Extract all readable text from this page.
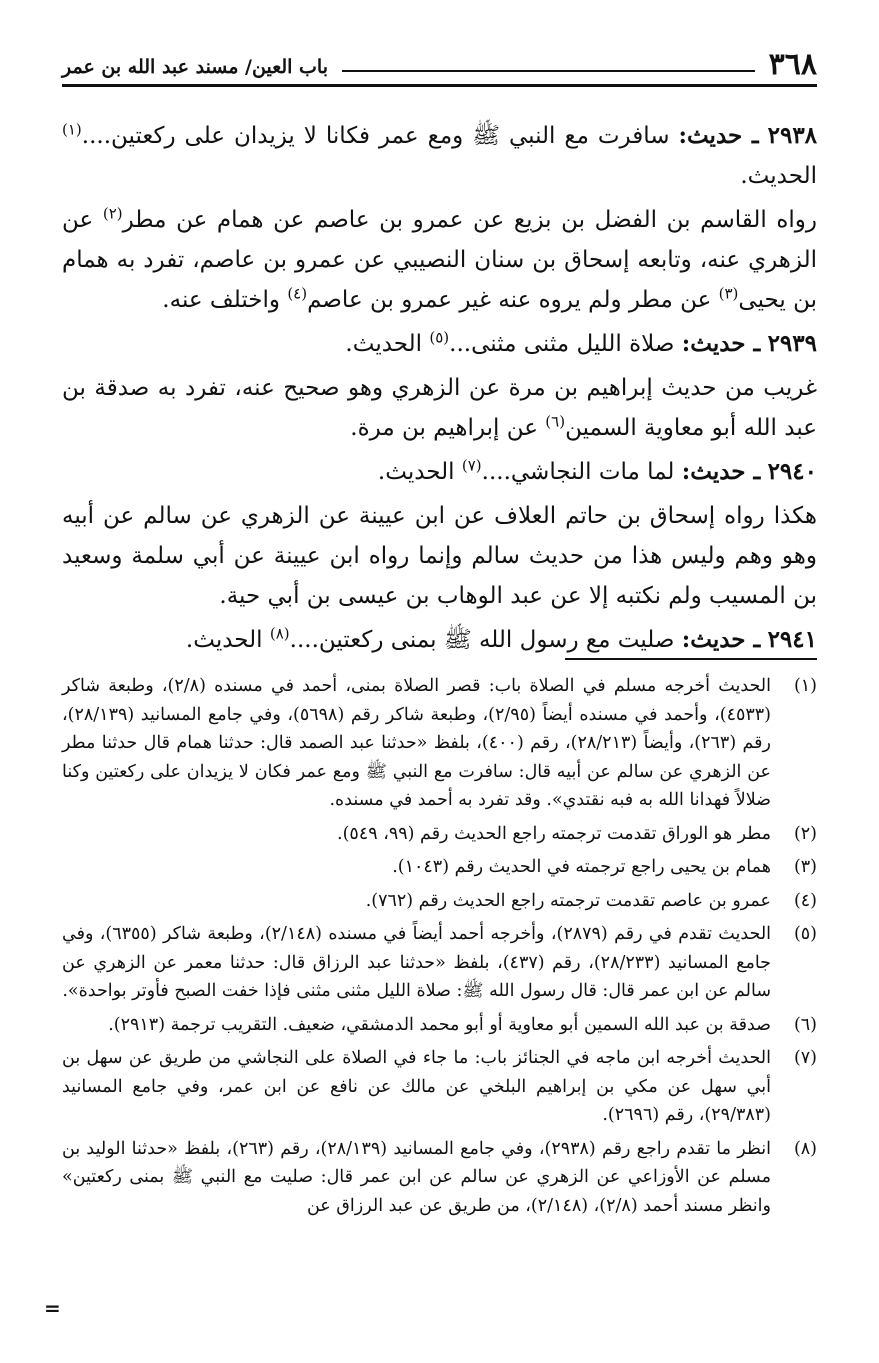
٣٦٨
باب العين/ مسند عبد الله بن عمر

٢٩٣٨ ـ حديث: سافرت مع النبي ﷺ ومع عمر فكانا لا يزيدان على ركعتين....$^{(١)}$ الحديث.

رواه القاسم بن الفضل بن بزيع عن عمرو بن عاصم عن همام عن مطر$^{(٢)}$ عن الزهري عنه، وتابعه إسحاق بن سنان النصيبي عن عمرو بن عاصم، تفرد به همام بن يحيى$^{(٣)}$ عن مطر ولم يروه عنه غير عمرو بن عاصم$^{(٤)}$ واختلف عنه.

٢٩٣٩ ـ حديث: صلاة الليل مثنى مثنى...$^{(٥)}$ الحديث.

غريب من حديث إبراهيم بن مرة عن الزهري وهو صحيح عنه، تفرد به صدقة بن عبد الله أبو معاوية السمين$^{(٦)}$ عن إبراهيم بن مرة.

٢٩٤٠ ـ حديث: لما مات النجاشي....$^{(٧)}$ الحديث.

هكذا رواه إسحاق بن حاتم العلاف عن ابن عيينة عن الزهري عن سالم عن أبيه وهو وهم وليس هذا من حديث سالم وإنما رواه ابن عيينة عن أبي سلمة وسعيد بن المسيب ولم نكتبه إلا عن عبد الوهاب بن عيسى بن أبي حية.

٢٩٤١ ـ حديث: صليت مع رسول الله ﷺ بمنى ركعتين....$^{(٨)}$ الحديث.

(١)
الحديث أخرجه مسلم في الصلاة باب: قصر الصلاة بمنى، أحمد في مسنده (٢/٨)، وطبعة شاكر (٤٥٣٣)، وأحمد في مسنده أيضاً (٢/٩٥)، وطبعة شاكر رقم (٥٦٩٨)، وفي جامع المسانيد (٢٨/١٣٩)، رقم (٢٦٣)، وأيضاً (٢٨/٢١٣)، رقم (٤٠٠)، بلفظ «حدثنا عبد الصمد قال: حدثنا همام قال حدثنا مطر عن الزهري عن سالم عن أبيه قال: سافرت مع النبي ﷺ ومع عمر فكان لا يزيدان على ركعتين وكنا ضلالاً فهدانا الله به فبه نقتدي». وقد تفرد به أحمد في مسنده.
(٢)
مطر هو الوراق تقدمت ترجمته راجع الحديث رقم (٩٩، ٥٤٩).
(٣)
همام بن يحيى راجع ترجمته في الحديث رقم (١٠٤٣).
(٤)
عمرو بن عاصم تقدمت ترجمته راجع الحديث رقم (٧٦٢).
(٥)
الحديث تقدم في رقم (٢٨٧٩)، وأخرجه أحمد أيضاً في مسنده (٢/١٤٨)، وطبعة شاكر (٦٣٥٥)، وفي جامع المسانيد (٢٨/٢٣٣)، رقم (٤٣٧)، بلفظ «حدثنا عبد الرزاق قال: حدثنا معمر عن الزهري عن سالم عن ابن عمر قال: قال رسول الله ﷺ: صلاة الليل مثنى مثنى فإذا خفت الصبح فأوتر بواحدة».
(٦)
صدقة بن عبد الله السمين أبو معاوية أو أبو محمد الدمشقي، ضعيف. التقريب ترجمة (٢٩١٣).
(٧)
الحديث أخرجه ابن ماجه في الجنائز باب: ما جاء في الصلاة على النجاشي من طريق عن سهل بن أبي سهل عن مكي بن إبراهيم البلخي عن مالك عن نافع عن ابن عمر، وفي جامع المسانيد (٢٩/٣٨٣)، رقم (٢٦٩٦).
(٨)
انظر ما تقدم راجع رقم (٢٩٣٨)، وفي جامع المسانيد (٢٨/١٣٩)، رقم (٢٦٣)، بلفظ «حدثنا الوليد بن مسلم عن الأوزاعي عن الزهري عن سالم عن ابن عمر قال: صليت مع النبي ﷺ بمنى ركعتين» وانظر مسند أحمد (٢/٨)، (٢/١٤٨)، من طريق عن عبد الرزاق عن
=
